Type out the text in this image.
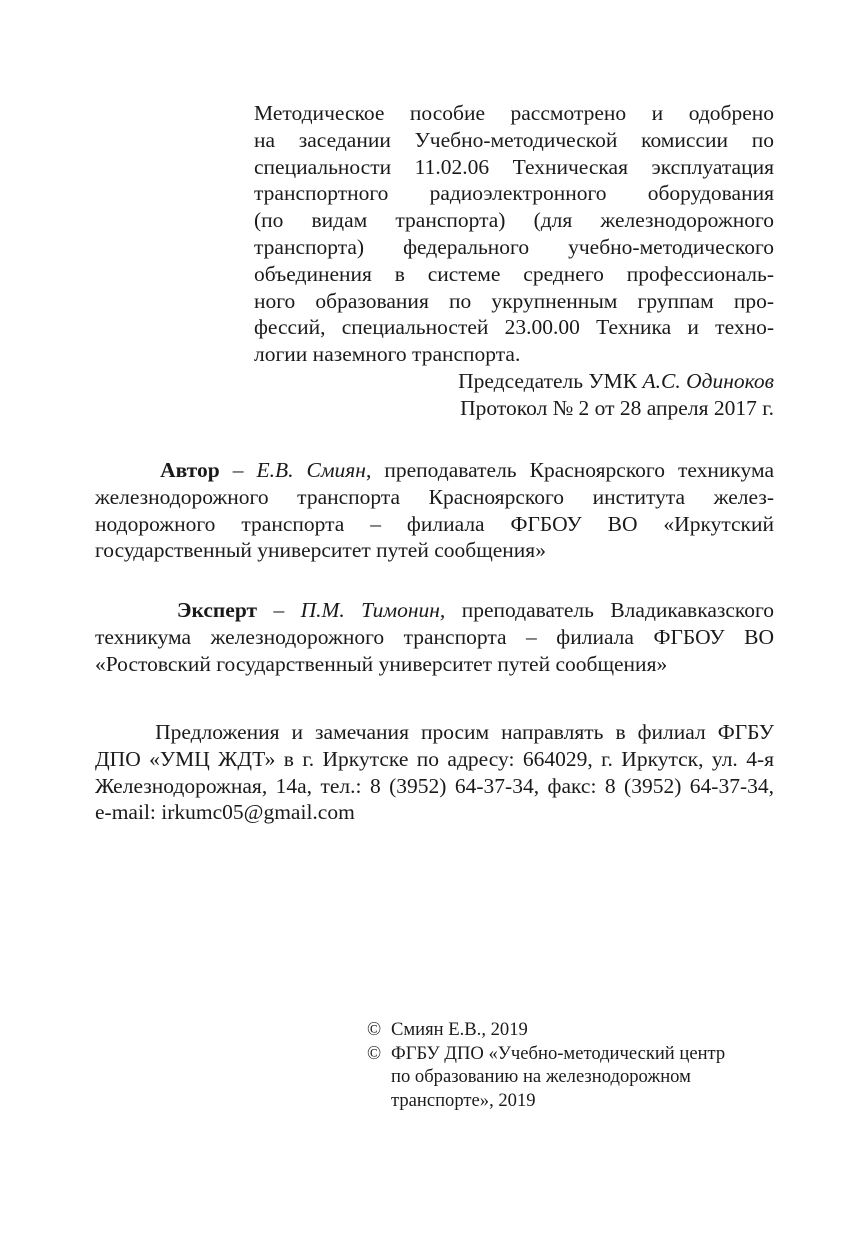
Методическое пособие рассмотрено и одобрено
на заседании Учебно-методической комиссии по
специальности 11.02.06 Техническая эксплуатация
транспортного радиоэлектронного оборудования
(по видам транспорта) (для железнодорожного
транспорта) федерального учебно-методического
объединения в системе среднего профессиональ-
ного образования по укрупненным группам про-
фессий, специальностей 23.00.00 Техника и техно-
логии наземного транспорта.
Председатель УМК А.С. Одиноков
Протокол № 2 от 28 апреля 2017 г.
Автор – Е.В. Смиян, преподаватель Красноярского техникума
железнодорожного транспорта Красноярского института желез-
нодорожного транспорта – филиала ФГБОУ ВО «Иркутский
государственный университет путей сообщения»
Эксперт – П.М. Тимонин, преподаватель Владикавказского
техникума железнодорожного транспорта – филиала ФГБОУ ВО
«Ростовский государственный университет путей сообщения»
Предложения и замечания просим направлять в филиал ФГБУ
ДПО «УМЦ ЖДТ» в г. Иркутске по адресу: 664029, г. Иркутск, ул. 4-я
Железнодорожная, 14а, тел.: 8 (3952) 64-37-34, факс: 8 (3952) 64-37-34,
e-mail: irkumc05@gmail.com
© Смиян Е.В., 2019
© ФГБУ ДПО «Учебно-методический центр
по образованию на железнодорожном
транспорте», 2019
